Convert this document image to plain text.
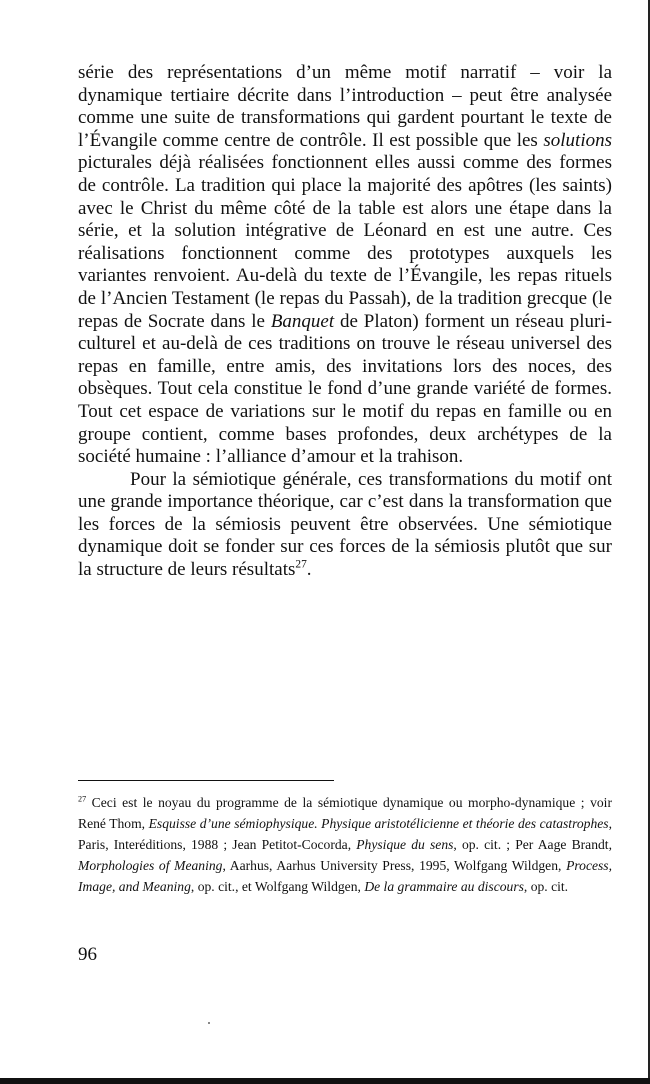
série des représentations d’un même motif narratif – voir la dynamique tertiaire décrite dans l’introduction – peut être analysée comme une suite de transformations qui gardent pourtant le texte de l’Évangile comme centre de contrôle. Il est possible que les solutions picturales déjà réalisées fonctionnent elles aussi comme des formes de contrôle. La tradition qui place la majorité des apôtres (les saints) avec le Christ du même côté de la table est alors une étape dans la série, et la solution intégrative de Léonard en est une autre. Ces réalisations fonctionnent comme des prototypes auxquels les variantes renvoient. Au-delà du texte de l’Évangile, les repas rituels de l’Ancien Testament (le repas du Passah), de la tradition grecque (le repas de Socrate dans le Banquet de Platon) forment un réseau pluri-culturel et au-delà de ces traditions on trouve le réseau universel des repas en famille, entre amis, des invitations lors des noces, des obsèques. Tout cela constitue le fond d’une grande variété de formes. Tout cet espace de variations sur le motif du repas en famille ou en groupe contient, comme bases profondes, deux archétypes de la société humaine : l’alliance d’amour et la trahison.

Pour la sémiotique générale, ces transformations du motif ont une grande importance théorique, car c’est dans la transformation que les forces de la sémiosis peuvent être observées. Une sémiotique dynamique doit se fonder sur ces forces de la sémiosis plutôt que sur la structure de leurs résultats$^{27}$.

$^{27}$ Ceci est le noyau du programme de la sémiotique dynamique ou morpho-dynamique ; voir René Thom, Esquisse d’une sémiophysique. Physique aristotélicienne et théorie des catastrophes, Paris, Interéditions, 1988 ; Jean Petitot-Cocorda, Physique du sens, op. cit. ; Per Aage Brandt, Morphologies of Meaning, Aarhus, Aarhus University Press, 1995, Wolfgang Wildgen, Process, Image, and Meaning, op. cit., et Wolfgang Wildgen, De la grammaire au discours, op. cit.

96
